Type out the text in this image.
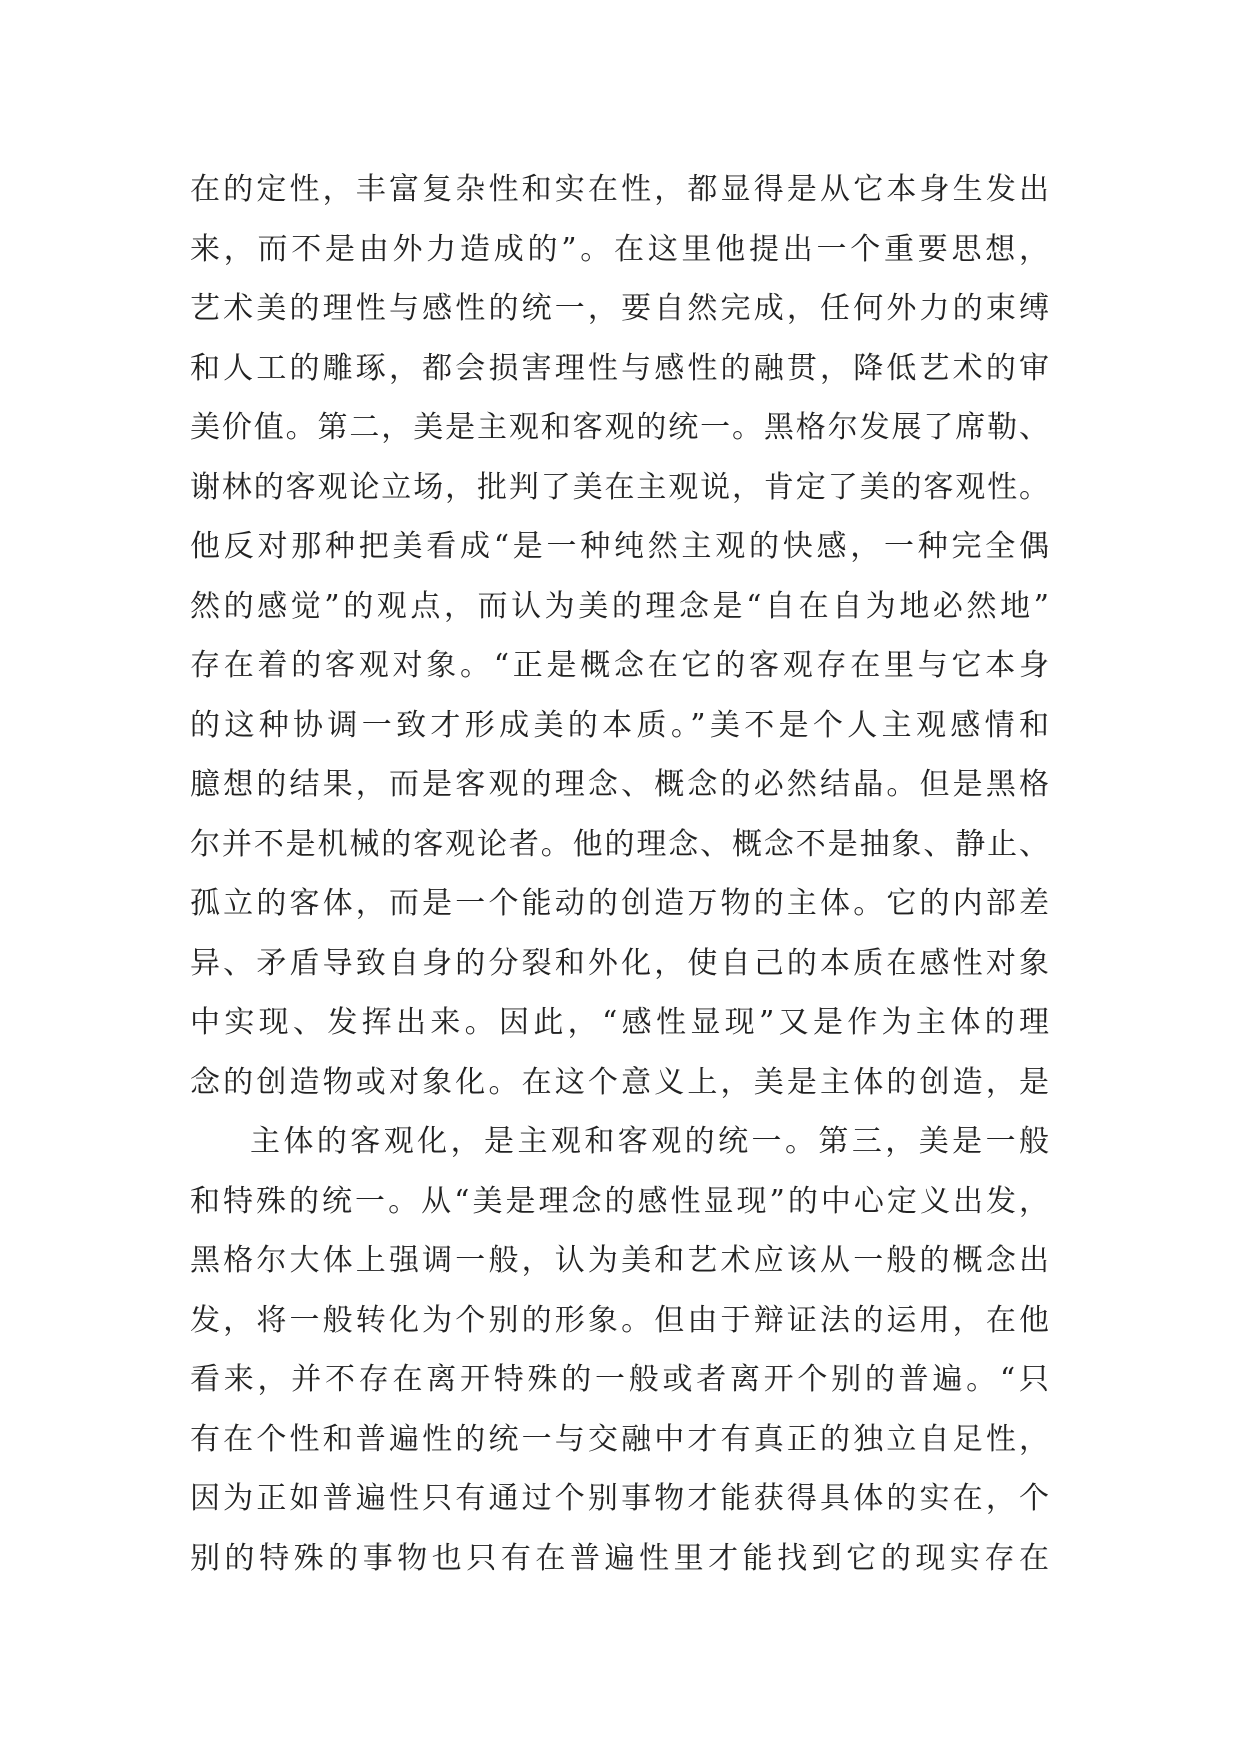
在的定性，丰富复杂性和实在性，都显得是从它本身生发出
来，而不是由外力造成的”。在这里他提出一个重要思想，
艺术美的理性与感性的统一，要自然完成，任何外力的束缚
和人工的雕琢，都会损害理性与感性的融贯，降低艺术的审
美价值。第二，美是主观和客观的统一。黑格尔发展了席勒、
谢林的客观论立场，批判了美在主观说，肯定了美的客观性。
他反对那种把美看成“是一种纯然主观的快感，一种完全偶
然的感觉”的观点，而认为美的理念是“自在自为地必然地”
存在着的客观对象。“正是概念在它的客观存在里与它本身
的这种协调一致才形成美的本质。”美不是个人主观感情和
臆想的结果，而是客观的理念、概念的必然结晶。但是黑格
尔并不是机械的客观论者。他的理念、概念不是抽象、静止、
孤立的客体，而是一个能动的创造万物的主体。它的内部差
异、矛盾导致自身的分裂和外化，使自己的本质在感性对象
中实现、发挥出来。因此，“感性显现”又是作为主体的理
念的创造物或对象化。在这个意义上，美是主体的创造，是
主体的客观化，是主观和客观的统一。第三，美是一般
和特殊的统一。从“美是理念的感性显现”的中心定义出发，
黑格尔大体上强调一般，认为美和艺术应该从一般的概念出
发，将一般转化为个别的形象。但由于辩证法的运用，在他
看来，并不存在离开特殊的一般或者离开个别的普遍。“只
有在个性和普遍性的统一与交融中才有真正的独立自足性，
因为正如普遍性只有通过个别事物才能获得具体的实在，个
别的特殊的事物也只有在普遍性里才能找到它的现实存在
